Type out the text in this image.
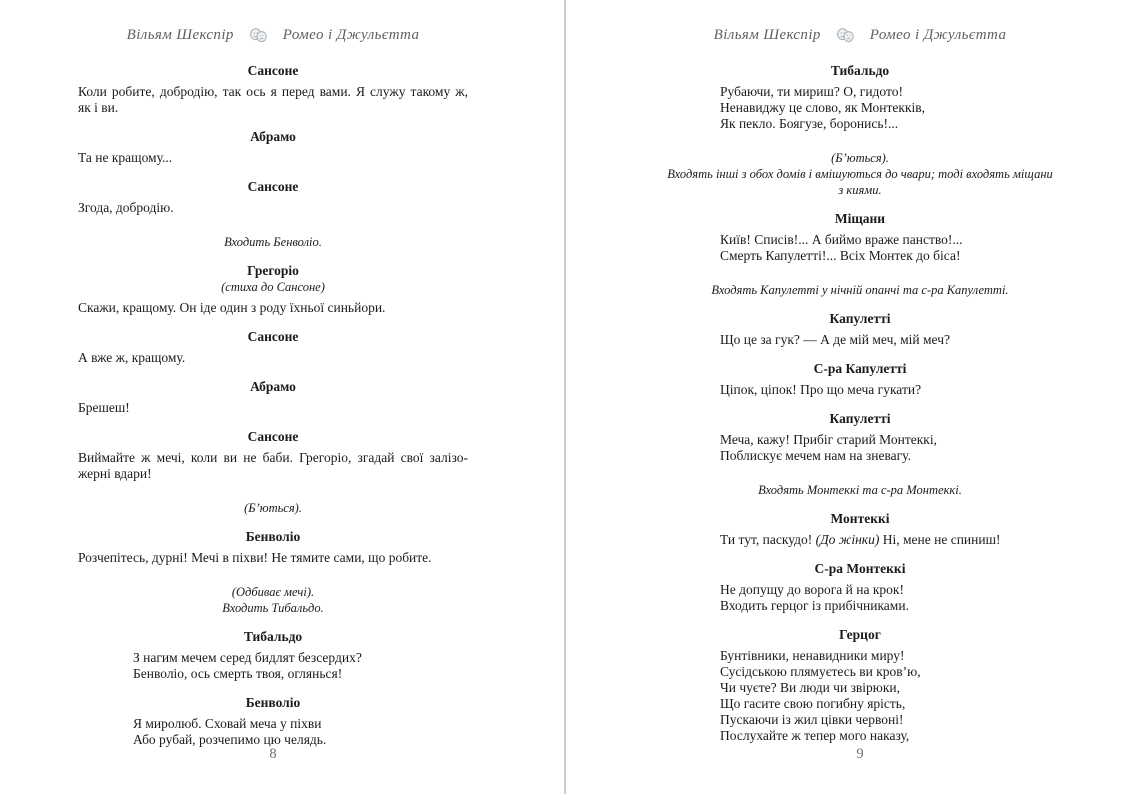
Вільям Шекспір	Ромео і Джульєтта
Сансоне
Коли робите, добродію, так ось я перед вами. Я служу такому ж,
як і ви.
Абрамо
Та не кращому...
Сансоне
Згода, добродію.
Входить Бенволіо.
Грегоріо
(стиха до Сансоне)
Скажи, кращому. Он іде один з роду їхньої синьйори.
Сансоне
А вже ж, кращому.
Абрамо
Брешеш!
Сансоне
Виймайте ж мечі, коли ви не баби. Грегоріо, згадай свої залізо-
жерні вдари!
(Б’ються).
Бенволіо
Розчепітесь, дурні! Мечі в піхви! Не тямите сами, що робите.
(Одбиває мечі).
Входить Тибальдо.
Тибальдо
З нагим мечем серед бидлят безсердих?
Бенволіо, ось смерть твоя, оглянься!
Бенволіо
Я миролюб. Сховай меча у піхви
Або рубай, розчепимо цю челядь.
8
Вільям Шекспір	Ромео і Джульєтта
Тибальдо
Рубаючи, ти мириш? О, гидото!
Ненавиджу це слово, як Монтекків,
Як пекло. Боягузе, боронись!...
(Б’ються).
Входять інші з обох домів і вмішуються до чвари; тоді входять міщани
з киями.
Міщани
Київ! Списів!... А биймо враже панство!...
Смерть Капулетті!... Всіх Монтек до біса!
Входять Капулетті у нічній опанчі та с-ра Капулетті.
Капулетті
Що це за гук? — А де мій меч, мій меч?
С-ра Капулетті
Ціпок, ціпок! Про що меча гукати?
Капулетті
Меча, кажу! Прибіг старий Монтеккі,
Поблискує мечем нам на зневагу.
Входять Монтеккі та с-ра Монтеккі.
Монтеккі
Ти тут, паскудо! (До жінки) Ні, мене не спиниш!
С-ра Монтеккі
Не допущу до ворога й на крок!
Входить герцог із прибічниками.
Герцог
Бунтівники, ненавидники миру!
Сусідською плямуєтесь ви кров’ю,
Чи чуєте? Ви люди чи звірюки,
Що гасите свою погибну ярість,
Пускаючи із жил цівки червоні!
Послухайте ж тепер мого наказу,
9
